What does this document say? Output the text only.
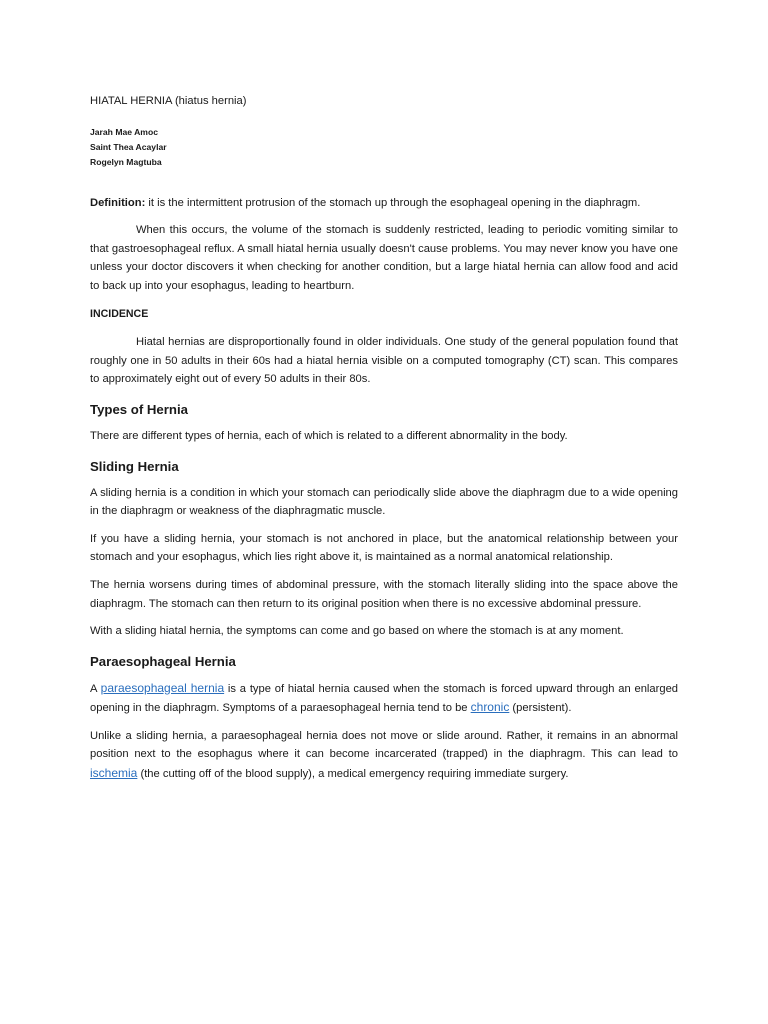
HIATAL HERNIA (hiatus hernia)
Jarah Mae Amoc
Saint Thea Acaylar
Rogelyn Magtuba

Definition: it is the intermittent protrusion of the stomach up through the esophageal opening in the diaphragm.

When this occurs, the volume of the stomach is suddenly restricted, leading to periodic vomiting similar to that gastroesophageal reflux. A small hiatal hernia usually doesn't cause problems. You may never know you have one unless your doctor discovers it when checking for another condition, but a large hiatal hernia can allow food and acid to back up into your esophagus, leading to heartburn.

INCIDENCE

Hiatal hernias are disproportionally found in older individuals. One study of the general population found that roughly one in 50 adults in their 60s had a hiatal hernia visible on a computed tomography (CT) scan. This compares to approximately eight out of every 50 adults in their 80s.

Types of Hernia

There are different types of hernia, each of which is related to a different abnormality in the body.

Sliding Hernia

A sliding hernia is a condition in which your stomach can periodically slide above the diaphragm due to a wide opening in the diaphragm or weakness of the diaphragmatic muscle.

If you have a sliding hernia, your stomach is not anchored in place, but the anatomical relationship between your stomach and your esophagus, which lies right above it, is maintained as a normal anatomical relationship.

The hernia worsens during times of abdominal pressure, with the stomach literally sliding into the space above the diaphragm. The stomach can then return to its original position when there is no excessive abdominal pressure.

With a sliding hiatal hernia, the symptoms can come and go based on where the stomach is at any moment.

Paraesophageal Hernia

A paraesophageal hernia is a type of hiatal hernia caused when the stomach is forced upward through an enlarged opening in the diaphragm. Symptoms of a paraesophageal hernia tend to be chronic (persistent).

Unlike a sliding hernia, a paraesophageal hernia does not move or slide around. Rather, it remains in an abnormal position next to the esophagus where it can become incarcerated (trapped) in the diaphragm. This can lead to ischemia (the cutting off of the blood supply), a medical emergency requiring immediate surgery.
